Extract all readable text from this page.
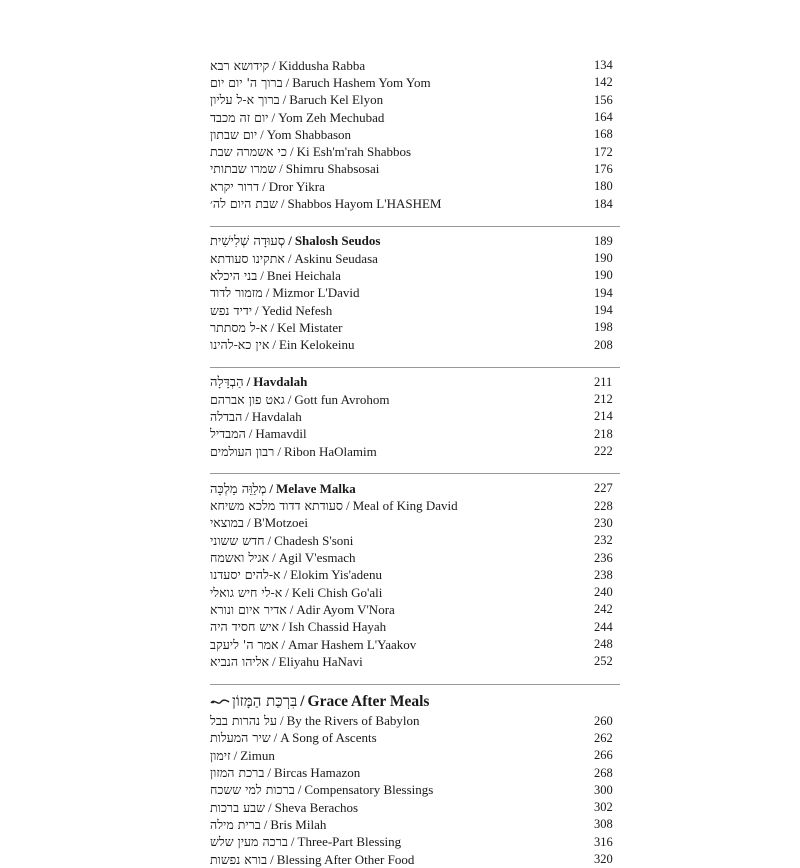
קידושא רבא / Kiddusha Rabba	134
ברוך ה' יום יום / Baruch Hashem Yom Yom	142
ברוך א-ל עליון / Baruch Kel Elyon	156
יום זה מכבד / Yom Zeh Mechubad	164
יום שבתון / Yom Shabbason	168
כי אשמרה שבת / Ki Esh'm'rah Shabbos	172
שמרו שבתותי / Shimru Shabsosai	176
דרור יקרא / Dror Yikra	180
שבת היום לה׳ / Shabbos Hayom L'HASHEM	184
סְעוּדָה שְׁלִישִׁית / Shalosh Seudos	189
אתקינו סעודתא / Askinu Seudasa	190
בני היכלא / Bnei Heichala	190
מזמור לדוד / Mizmor L'David	194
ידיד נפש / Yedid Nefesh	194
א-ל מסתתר / Kel Mistater	198
אין כא-להינו / Ein Kelokeinu	208
הַבְדָּלָה / Havdalah	211
גאט פון אברהם / Gott fun Avrohom	212
הבדלה / Havdalah	214
המבדיל / Hamavdil	218
רבון העולמים / Ribon HaOlamim	222
מְלַוֵּה מַלְכָּה / Melave Malka	227
סעודתא דדוד מלכא משיחא / Meal of King David	228
במוצאי / B'Motzoei	230
חדש ששוני / Chadesh S'soni	232
אגיל ואשמח / Agil V'esmach	236
א-להים יסעדנו / Elokim Yis'adenu	238
א-לי חיש גואלי / Keli Chish Go'ali	240
אדיר איום ונורא / Adir Ayom V'Nora	242
איש חסיד היה / Ish Chassid Hayah	244
אמר ה' ליעקב / Amar Hashem L'Yaakov	248
אליהו הנביא / Eliyahu HaNavi	252
בִּרְכַּת הַמָּזוֹן / Grace After Meals
על נהרות בבל / By the Rivers of Babylon	260
שיר המעלות / A Song of Ascents	262
זימון / Zimun	266
ברכת המזון / Bircas Hamazon	268
ברכות למי ששכח / Compensatory Blessings	300
שבע ברכות / Sheva Berachos	302
ברית מילה / Bris Milah	308
ברכה מעין שלש / Three-Part Blessing	316
בורא נפשות / Blessing After Other Food	320
